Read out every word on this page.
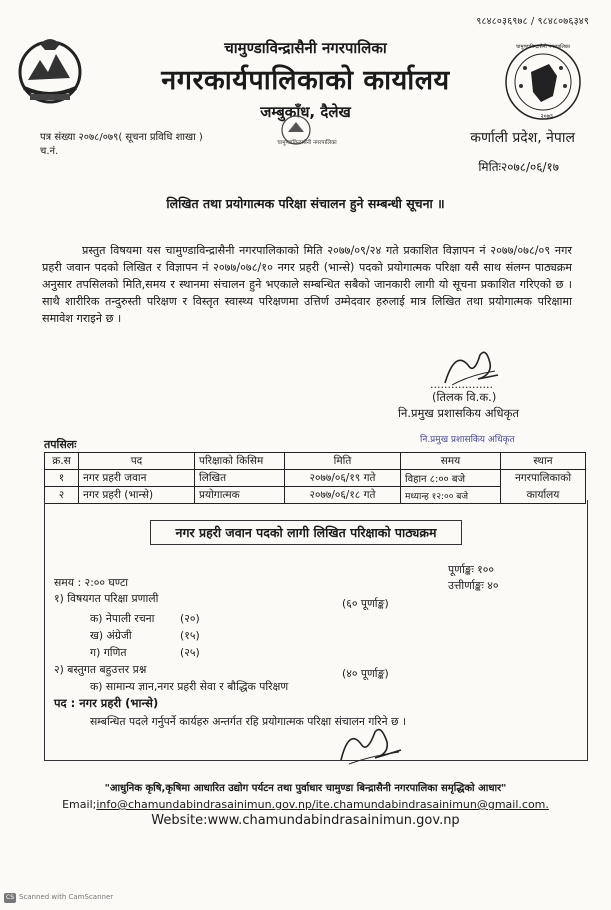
९८४८०३६९७८ / ९८४८०७६३४९
चामुण्डाविन्द्रासैनी नगरपालिका
२०७३
चामुण्डाविन्द्रासैनी नगरपालिका
नगरकार्यपालिकाको कार्यालय
जम्बुकाँध, दैलेख
चामुण्डाविन्द्रासैनी नगरपालिका
पत्र संख्या २०७८/०७९( सूचना प्रविधि शाखा )
च.नं.
कर्णाली प्रदेश, नेपाल
मितिः२०७८/०६/१७
लिखित तथा प्रयोगात्मक परिक्षा संचालन हुने सम्बन्धी सूचना ॥
प्रस्तुत विषयमा यस चामुण्डाविन्द्रासैनी नगरपालिकाको मिति २०७७/०९/२४ गते प्रकाशित विज्ञापन नं २०७७/०७८/०९ नगर प्रहरी जवान पदको लिखित र विज्ञापन नं २०७७/०७८/१० नगर प्रहरी (भान्से) पदको प्रयोगात्मक परिक्षा यसै साथ संलग्न पाठ्यक्रम अनुसार तपसिलको मिति,समय र स्थानमा संचालन हुने भएकाले सम्बन्धित सबैको जानकारी लागी यो सूचना प्रकाशित गरिएको छ । साथै शारीरिक तन्दुरुस्ती परिक्षण र विस्तृत स्वास्थ्य परिक्षणमा उत्तिर्ण उम्मेदवार हरुलाई मात्र लिखित तथा प्रयोगात्मक परिक्षामा समावेश गराइने छ ।
..................
(तिलक वि.क.)
नि.प्रमुख प्रशासकिय अधिकृत
नि.प्रमुख प्रशासकिय अधिकृत
तपसिलः
क्र.स	पद	परिक्षाको किसिम	मिति	समय	स्थान
१	नगर प्रहरी जवान	लिखित	२०७७/०६/१९ गते	विहान ८:०० बजे	नगरपालिकाको
२	नगर प्रहरी (भान्से)	प्रयोगात्मक	२०७७/०६/१८ गते	मध्यान्ह १२:०० बजे	कार्यालय
नगर प्रहरी जवान पदको लागी लिखित परिक्षाको पाठ्यक्रम
पूर्णाङ्कः १००
उत्तीर्णाङ्कः ४०
समय : २:०० घण्टा
१) विषयगत परिक्षा प्रणाली	(६० पूर्णाङ्क)
क) नेपाली रचना (२०)
ख) अंग्रेजी	(१५)
ग) गणित	(२५)
२) बस्तुगत बहुउत्तर प्रश्न	(४० पूर्णाङ्क)
क) सामान्य ज्ञान,नगर प्रहरी सेवा र बौद्धिक परिक्षण
पद : नगर प्रहरी (भान्से)
सम्बन्धित पदले गर्नुपर्ने कार्यहरु अन्तर्गत रहि प्रयोगात्मक परिक्षा संचालन गरिने छ ।
"आधुनिक कृषि,कृषिमा आधारित उद्योग पर्यटन तथा पुर्वाधार चामुण्डा बिन्द्रासैनी नगरपालिका समृद्धिको आधार"
Email;info@chamundabindrasainimun.gov.np/ite.chamundabindrasainimun@gmail.com.
Website:www.chamundabindrasainimun.gov.np
CS Scanned with CamScanner
